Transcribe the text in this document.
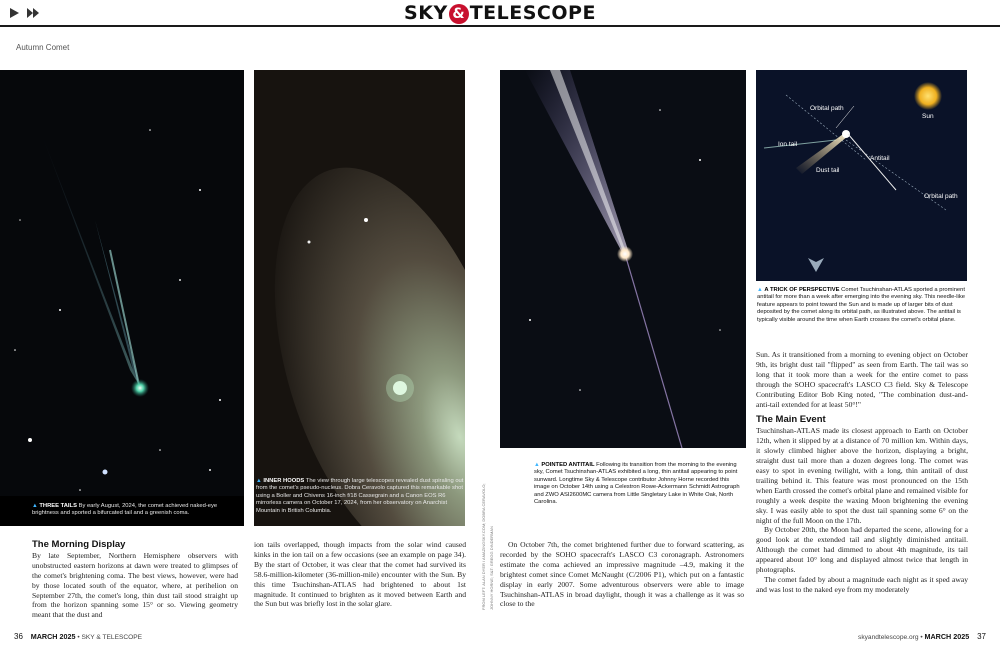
SKY & TELESCOPE
Autumn Comet
▲ THREE TAILS By early August, 2024, the comet achieved naked-eye brightness and sported a bifurcated tail and a greenish coma.
▲ INNER HOODS The view through large telescopes revealed dust spiraling out from the comet's pseudo-nucleus. Dobra Ceravolo captured this remarkable shot using a Boller and Chivens 16-inch f/18 Cassegrain and a Canon EOS R6 mirrorless camera on October 17, 2024, from her observatory on Anarchist Mountain in British Columbia.	FROM LEFT: ALAN DYER / AMAZINGSKY.COM; DOBRA CERAVOLO; JOHNNY HORNE; S&T: GREGG DINDERMAN
▲ POINTED ANTITAIL Following its transition from the morning to the evening sky, Comet Tsuchinshan-ATLAS exhibited a long, thin antitail appearing to point sunward. Longtime Sky & Telescope contributor Johnny Horne recorded this image on October 14th using a Celestron Rowe-Ackermann Schmidt Astrograph and ZWO ASI2600MC camera from Little Singletary Lake in White Oak, North Carolina.
Orbital path
Sun
Ion tail
Antitail
Dust tail
Orbital path
▲ A TRICK OF PERSPECTIVE Comet Tsuchinshan-ATLAS sported a prominent antitail for more than a week after emerging into the evening sky. This needle-like feature appears to point toward the Sun and is made up of larger bits of dust deposited by the comet along its orbital path, as illustrated above. The antitail is typically visible around the time when Earth crosses the comet's orbital plane.
The Morning Display
By late September, Northern Hemisphere observers with unobstructed eastern horizons at dawn were treated to glimpses of the comet's brightening coma. The best views, however, were had by those located south of the equator, where, at perihelion on September 27th, the comet's long, thin dust tail stood straight up from the horizon spanning some 15° or so. Viewing geometry meant that the dust and
ion tails overlapped, though impacts from the solar wind caused kinks in the ion tail on a few occasions (see an example on page 34). By the start of October, it was clear that the comet had survived its 58.6-million-kilometer (36-million-mile) encounter with the Sun. By this time Tsuchinshan-ATLAS had brightened to about 1st magnitude. It continued to brighten as it moved between Earth and the Sun but was briefly lost in the solar glare.
On October 7th, the comet brightened further due to forward scattering, as recorded by the SOHO spacecraft's LASCO C3 coronagraph. Astronomers estimate the coma achieved an impressive magnitude –4.9, making it the brightest comet since Comet McNaught (C/2006 P1), which put on a fantastic display in early 2007. Some adventurous observers were able to image Tsuchinshan-ATLAS in broad daylight, though it was a challenge as it was so close to the
Sun. As it transitioned from a morning to evening object on October 9th, its bright dust tail "flipped" as seen from Earth. The tail was so long that it took more than a week for the entire comet to pass through the SOHO spacecraft's LASCO C3 field. Sky & Telescope Contributing Editor Bob King noted, "The combination dust-and-anti-tail extended for at least 50°!"
The Main Event
Tsuchinshan-ATLAS made its closest approach to Earth on October 12th, when it slipped by at a distance of 70 million km. Within days, it slowly climbed higher above the horizon, displaying a bright, straight dust tail more than a dozen degrees long. The comet was easy to spot in evening twilight, with a long, thin antitail of dust trailing behind it. This feature was most pronounced on the 15th when Earth crossed the comet's orbital plane and remained visible for roughly a week despite the waxing Moon brightening the evening sky. I was easily able to spot the dust tail spanning some 6° on the night of the full Moon on the 17th.
By October 20th, the Moon had departed the scene, allowing for a good look at the extended tail and slightly diminished antitail. Although the comet had dimmed to about 4th magnitude, its tail appeared about 10° long and displayed almost twice that length in photographs.
The comet faded by about a magnitude each night as it sped away and was lost to the naked eye from my moderately
36 MARCH 2025 • SKY & TELESCOPE	skyandtelescope.org • MARCH 2025 37
